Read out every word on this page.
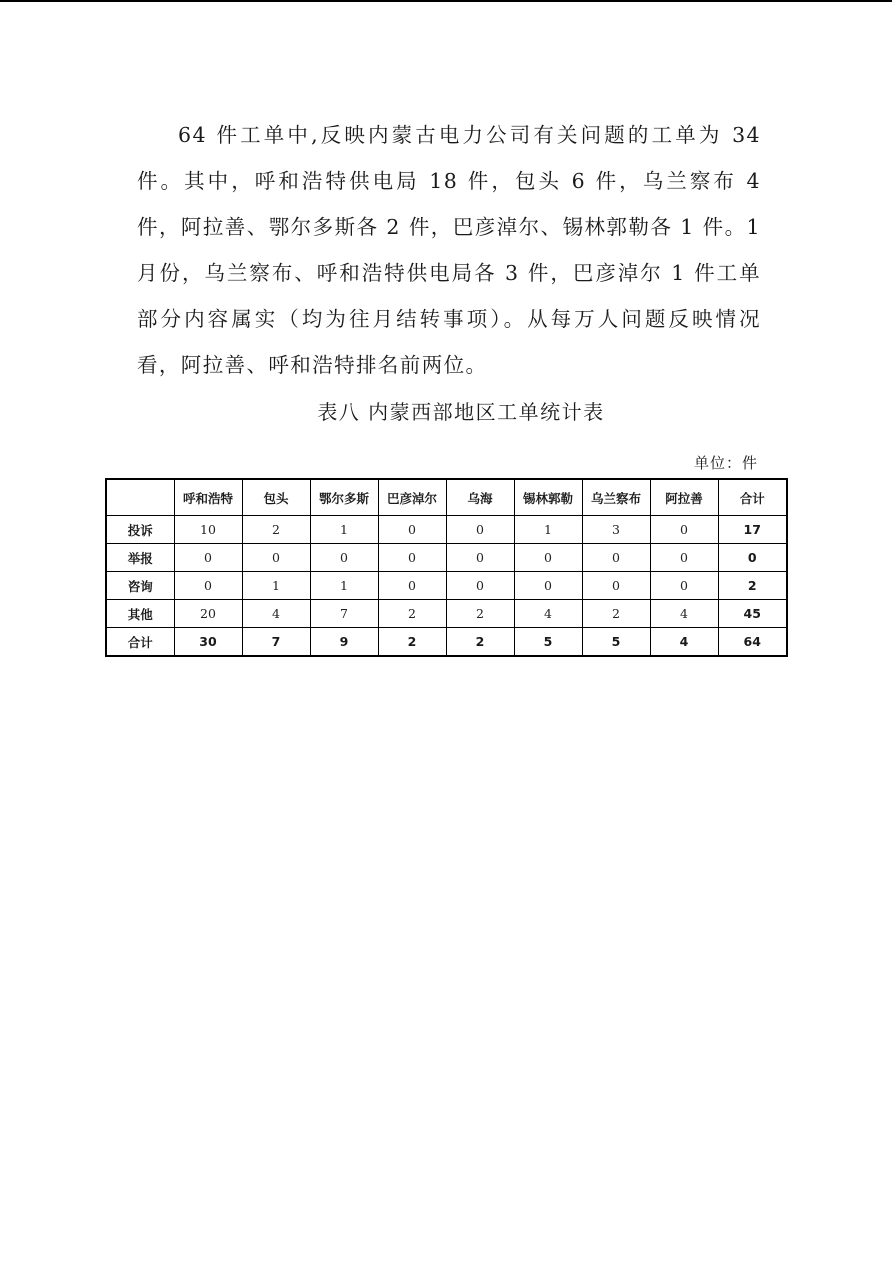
64 件工单中,反映内蒙古电力公司有关问题的工单为 34 件。其中，呼和浩特供电局 18 件，包头 6 件，乌兰察布 4 件，阿拉善、鄂尔多斯各 2 件，巴彦淖尔、锡林郭勒各 1 件。1 月份，乌兰察布、呼和浩特供电局各 3 件，巴彦淖尔 1 件工单部分内容属实（均为往月结转事项）。从每万人问题反映情况看，阿拉善、呼和浩特排名前两位。

表八 内蒙西部地区工单统计表
单位：件
	呼和浩特	包头	鄂尔多斯	巴彦淖尔	乌海	锡林郭勒	乌兰察布	阿拉善	合计
投诉	10	2	1	0	0	1	3	0	17
举报	0	0	0	0	0	0	0	0	0
咨询	0	1	1	0	0	0	0	0	2
其他	20	4	7	2	2	4	2	4	45
合计	30	7	9	2	2	5	5	4	64
